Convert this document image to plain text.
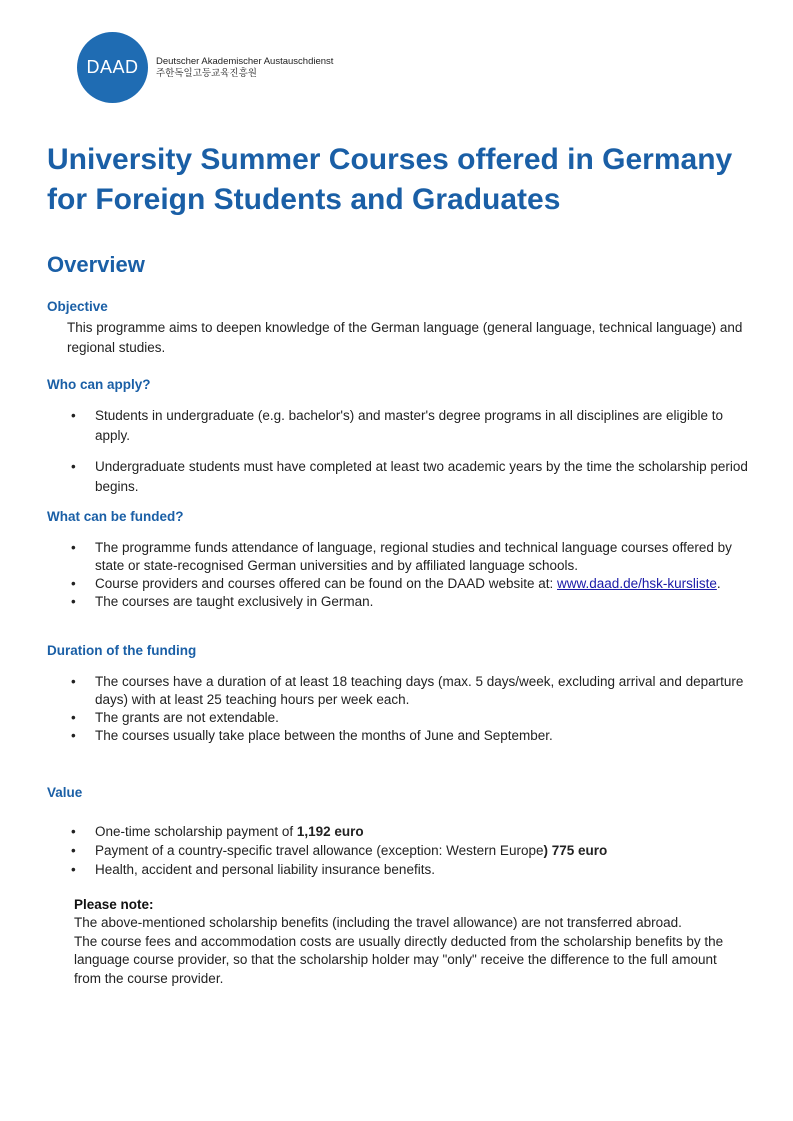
DAAD Deutscher Akademischer Austauschdienst
주한독일고등교육진흥원
University Summer Courses offered in Germany for Foreign Students and Graduates
Overview
Objective

This programme aims to deepen knowledge of the German language (general language, technical language) and regional studies.

Who can apply?
• Students in undergraduate (e.g. bachelor's) and master's degree programs in all disciplines are eligible to apply.
• Undergraduate students must have completed at least two academic years by the time the scholarship period begins.
What can be funded?
• The programme funds attendance of language, regional studies and technical language courses offered by state or state-recognised German universities and by affiliated language schools.
• Course providers and courses offered can be found on the DAAD website at: www.daad.de/hsk-kursliste.
• The courses are taught exclusively in German.
Duration of the funding
• The courses have a duration of at least 18 teaching days (max. 5 days/week, excluding arrival and departure days) with at least 25 teaching hours per week each.
• The grants are not extendable.
• The courses usually take place between the months of June and September.
Value
• One-time scholarship payment of 1,192 euro
• Payment of a country-specific travel allowance (exception: Western Europe) 775 euro
• Health, accident and personal liability insurance benefits.
Please note:

The above-mentioned scholarship benefits (including the travel allowance) are not transferred abroad.

The course fees and accommodation costs are usually directly deducted from the scholarship benefits by the language course provider, so that the scholarship holder may "only" receive the difference to the full amount from the course provider.
